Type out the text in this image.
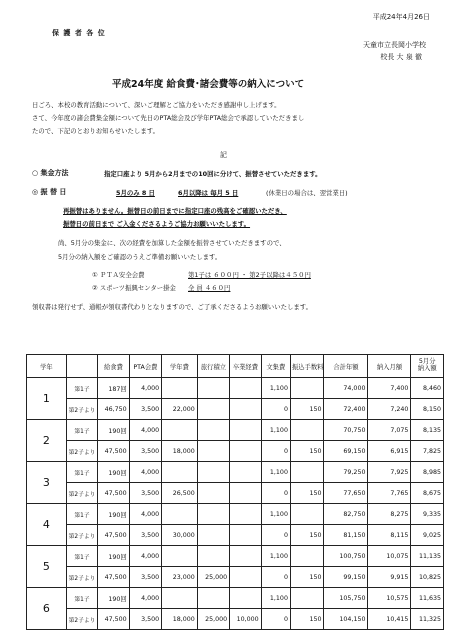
平成24年4月26日
保 護 者 各 位
天童市立長岡小学校
校長 大 泉 徹
平成24年度 給食費･諸会費等の納入について
日ごろ、本校の教育活動について、深いご理解とご協力をいただき感謝申し上げます。
さて、今年度の諸会費集金額について先日のPTA総会及び学年PTA総会で承認していただきまし
たので、下記のとおりお知らせいたします。
記
○ 集金方法	指定口座より 5月から2月までの10回に分けて、振替させていただきます。
◎ 振 替 日	5月のみ 8 日	6月以降は 毎月 5 日	(休業日の場合は、翌営業日)
再振替はありません。振替日の前日までに指定口座の残高をご確認いただき、
振替日の前日まで ご入金くださるようご協力お願いいたします。
尚、5月分の集金に、次の経費を加算した金額を振替させていただきますので、
5月分の納入額をご確認のうえご準備お願いいたします。
① ＰＴＡ安全会費	第1子は ６００円 ・ 第2子以降は４５０円
② スポーツ振興センター掛金 全 員 ４６０円
領収書は発行せず、通帳が領収書代わりとなりますので、ご了承くださるようお願いいたします。
学年		給食費	PTA会費	学年費	旅行積立	卒業経費	文集費	振込手数料	合計年額	納入月額	5月分
納入額
1	第1子	187回	4,000				1,100		74,000	7,400	8,460
	第2子より	46,750	3,500	22,000			0	150	72,400	7,240	8,150
2	第1子	190回	4,000				1,100		70,750	7,075	8,135
	第2子より	47,500	3,500	18,000			0	150	69,150	6,915	7,825
3	第1子	190回	4,000				1,100		79,250	7,925	8,985
	第2子より	47,500	3,500	26,500			0	150	77,650	7,765	8,675
4	第1子	190回	4,000				1,100		82,750	8,275	9,335
	第2子より	47,500	3,500	30,000			0	150	81,150	8,115	9,025
5	第1子	190回	4,000				1,100		100,750	10,075	11,135
	第2子より	47,500	3,500	23,000	25,000		0	150	99,150	9,915	10,825
6	第1子	190回	4,000				1,100		105,750	10,575	11,635
	第2子より	47,500	3,500	18,000	25,000	10,000	0	150	104,150	10,415	11,325
